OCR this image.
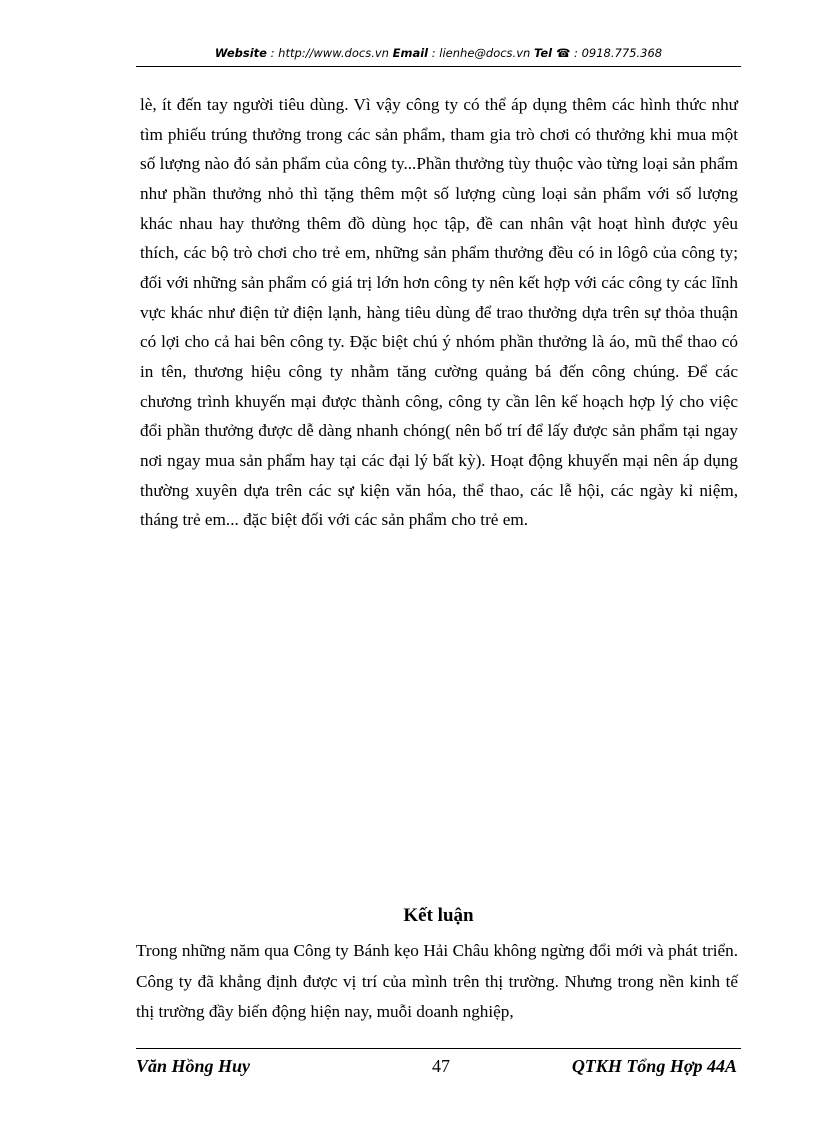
Website : http://www.docs.vn Email : lienhe@docs.vn Tel ☎ : 0918.775.368

lè, ít đến tay người tiêu dùng. Vì vậy công ty có thể áp dụng thêm các hình thức như tìm phiếu trúng thưởng trong các sản phẩm, tham gia trò chơi có thưởng khi mua một số lượng nào đó sản phẩm của công ty...Phần thưởng tùy thuộc vào từng loại sản phẩm như phần thưởng nhỏ thì tặng thêm một số lượng cùng loại sản phẩm với số lượng khác nhau hay thưởng thêm đồ dùng học tập, đề can nhân vật hoạt hình được yêu thích, các bộ trò chơi cho trẻ em, những sản phẩm thưởng đều có in lôgô của công ty; đối với những sản phẩm có giá trị lớn hơn công ty nên kết hợp với các công ty các lĩnh vực khác như điện tử điện lạnh, hàng tiêu dùng để trao thưởng dựa trên sự thỏa thuận có lợi cho cả hai bên công ty. Đặc biệt chú ý nhóm phần thưởng là áo, mũ thể thao có in tên, thương hiệu công ty nhằm tăng cường quảng bá đến công chúng. Để các chương trình khuyến mại được thành công, công ty cần lên kế hoạch hợp lý cho việc đổi phần thưởng được dễ dàng nhanh chóng( nên bố trí để lấy được sản phẩm tại ngay nơi ngay mua sản phẩm hay tại các đại lý bất kỳ). Hoạt động khuyến mại nên áp dụng thường xuyên dựa trên các sự kiện văn hóa, thể thao, các lễ hội, các ngày kỉ niệm, tháng trẻ em... đặc biệt đối với các sản phẩm cho trẻ em.

Kết luận

Trong những năm qua Công ty Bánh kẹo Hải Châu không ngừng đổi mới và phát triển. Công ty đã khẳng định được vị trí của mình trên thị trường. Nhưng trong nền kinh tế thị trường đầy biến động hiện nay, muỗi doanh nghiệp,

Văn Hồng Huy	47	QTKH Tổng Hợp 44A
